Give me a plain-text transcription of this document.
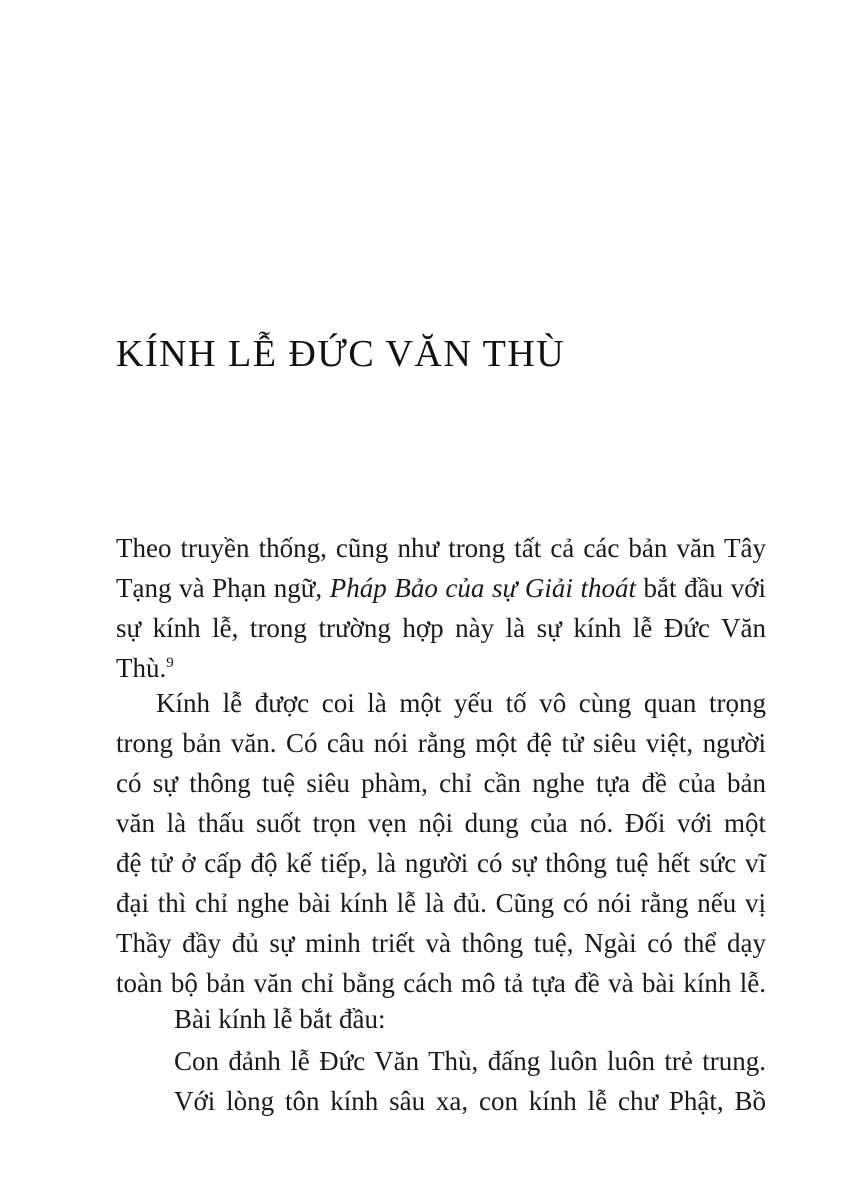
KÍNH LỄ ĐỨC VĂN THÙ
Theo truyền thống, cũng như trong tất cả các bản văn Tây
Tạng và Phạn ngữ, Pháp Bảo của sự Giải thoát bắt đầu với
sự kính lễ, trong trường hợp này là sự kính lễ Đức Văn
Thù.$^9$
Kính lễ được coi là một yếu tố vô cùng quan trọng
trong bản văn. Có câu nói rằng một đệ tử siêu việt, người
có sự thông tuệ siêu phàm, chỉ cần nghe tựa đề của bản
văn là thấu suốt trọn vẹn nội dung của nó. Đối với một
đệ tử ở cấp độ kế tiếp, là người có sự thông tuệ hết sức vĩ
đại thì chỉ nghe bài kính lễ là đủ. Cũng có nói rằng nếu vị
Thầy đầy đủ sự minh triết và thông tuệ, Ngài có thể dạy
toàn bộ bản văn chỉ bằng cách mô tả tựa đề và bài kính lễ.
Bài kính lễ bắt đầu:
Con đảnh lễ Đức Văn Thù, đấng luôn luôn trẻ trung.
Với lòng tôn kính sâu xa, con kính lễ chư Phật, Bồ
